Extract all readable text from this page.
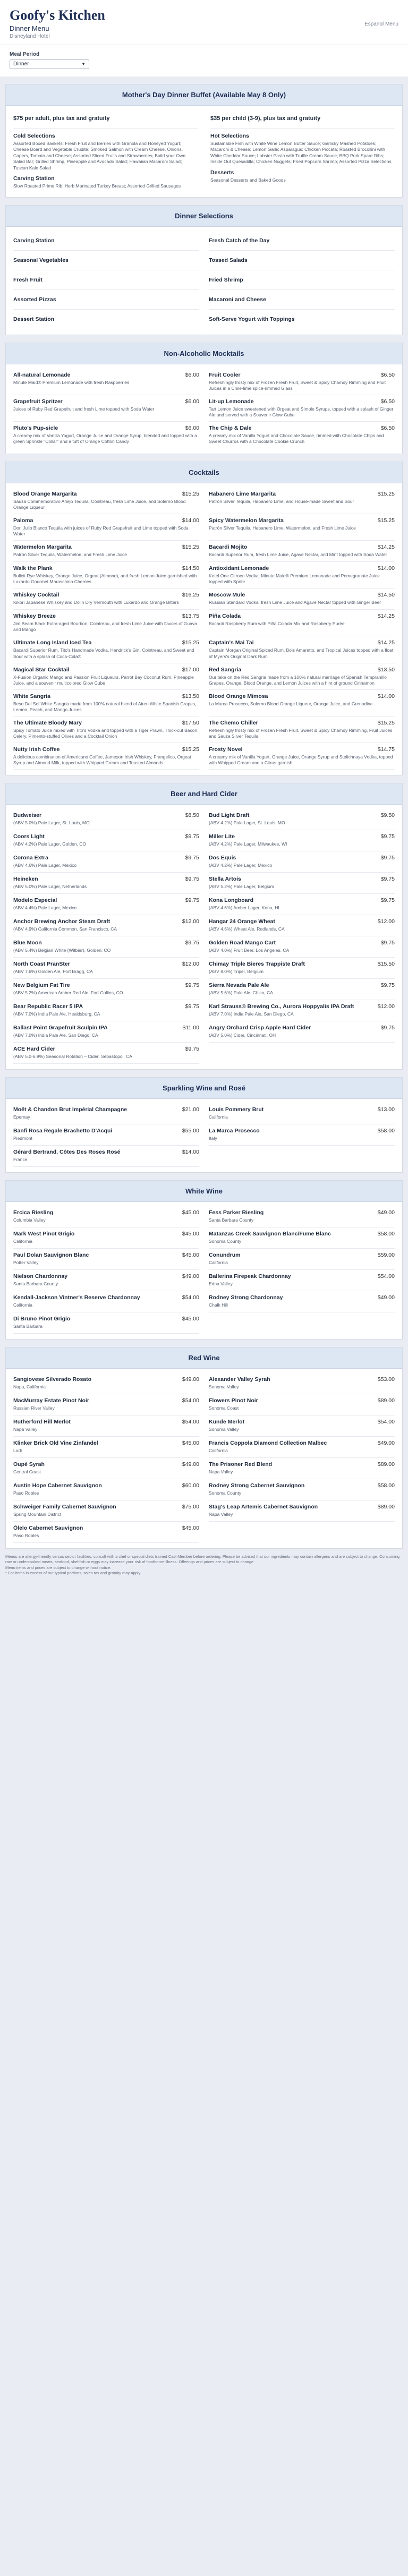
Goofy's Kitchen
Dinner Menu
Disneyland Hotel
Espanol Menu
Meal Period
Dinner	▼
Mother's Day Dinner Buffet (Available May 8 Only)
$75 per adult, plus tax and gratuity
Cold Selections
Assorted Boxed Baskets: Fresh Fruit and Berries with Granola and Honeyed Yogurt; Cheese Board and Vegetable Crudité; Smoked Salmon with Cream Cheese, Onions, Capers, Tomato and Cheese; Assorted Sliced Fruits and Strawberries; Build your Own Salad Bar; Grilled Shrimp, Pineapple and Avocado Salad; Hawaiian Macaroni Salad; Tuscan Kale Salad
Carving Station
Slow Roasted Prime Rib; Herb Marinated Turkey Breast; Assorted Grilled Sausages
$35 per child (3-9), plus tax and gratuity
Hot Selections
Sustainable Fish with White Wine Lemon Butter Sauce; Garlicky Mashed Potatoes; Macaroni & Cheese; Lemon Garlic Asparagus; Chicken Piccata; Roasted Brocollini with White Cheddar Sauce; Lobster Pasta with Truffle Cream Sauce; BBQ Pork Spare Ribs; Inside Out Quesadilla; Chicken Nuggets; Fried Popcorn Shrimp; Assorted Pizza Selections
Desserts
Seasonal Desserts and Baked Goods
Dinner Selections
Carving Station	Fresh Catch of the Day
Seasonal Vegetables	Tossed Salads
Fresh Fruit	Fried Shrimp
Assorted Pizzas	Macaroni and Cheese
Dessert Station	Soft-Serve Yogurt with Toppings
Non-Alcoholic Mocktails
All-natural Lemonade	$6.00
Minute Maid® Premium Lemonade with fresh Raspberries
Fruit Cooler	$6.50
Refreshingly frosty mix of Frozen Fresh Fruit, Sweet & Spicy Chamoy Rimming and Fruit Juices in a Chile-lime spice-rimmed Glass
Grapefruit Spritzer	$6.00
Juices of Ruby Red Grapefruit and fresh Lime topped with Soda Water
Lit-up Lemonade	$6.50
Tart Lemon Juice sweetened with Orgeat and Simple Syrups, topped with a splash of Ginger Ale and served with a Souvenir Glow Cube
Pluto's Pup-sicle	$6.00
A creamy mix of Vanilla Yogurt, Orange Juice and Orange Syrup, blended and topped with a green Sprinkle "Collar" and a tuft of Orange Cotton Candy
The Chip & Dale	$6.50
A creamy mix of Vanilla Yogurt and Chocolate Sauce, rimmed with Chocolate Chips and Sweet Churros with a Chocolate Cookie Crunch
Cocktails
Blood Orange Margarita	$15.25
Sauza Commemorativo Añejo Tequila, Cointreau, fresh Lime Juice, and Solerno Blood Orange Liqueur
Habanero Lime Margarita	$15.25
Patrón Silver Tequila, Habanero Lime, and House-made Sweet and Sour
Paloma	$14.00
Don Julio Blanco Tequila with juices of Ruby Red Grapefruit and Lime topped with Soda Water
Spicy Watermelon Margarita	$15.25
Patrón Silver Tequila, Habanero Lime, Watermelon, and Fresh Lime Juice
Watermelon Margarita	$15.25
Patrón Silver Tequila, Watermelon, and Fresh Lime Juice
Bacardi Mojito	$14.25
Bacardi Superior Rum, fresh Lime Juice, Agave Nectar, and Mint topped with Soda Water
Walk the Plank	$14.50
Bulleit Rye Whiskey, Orange Juice, Orgeat (Almond), and fresh Lemon Juice garnished with Luxardo Gourmet Maraschino Cherries
Antioxidant Lemonade	$14.00
Ketel One Citroen Vodka, Minute Maid® Premium Lemonade and Pomegranate Juice topped with Sprite
Whiskey Cocktail	$16.25
Kikori Japanese Whiskey and Dolin Dry Vermouth with Luxardo and Orange Bitters
Moscow Mule	$14.50
Russian Standard Vodka, fresh Lime Juice and Agave Nectar topped with Ginger Beer
Whiskey Breeze	$13.75
Jim Beam Black Extra-aged Bourbon, Cointreau, and fresh Lime Juice with flavors of Guava and Mango
Piña Colada	$14.25
Bacardi Raspberry Rum with Piña Colada Mix and Raspberry Purée
Ultimate Long Island Iced Tea	$15.25
Bacardi Superior Rum, Tito's Handmade Vodka, Hendrick's Gin, Cointreau, and Sweet and Sour with a splash of Coca-Cola®
Captain's Mai Tai	$14.25
Captain Morgan Original Spiced Rum, Bols Amaretto, and Tropical Juices topped with a float of Myers's Original Dark Rum
Magical Star Cocktail	$17.00
X-Fusion Organic Mango and Passion Fruit Liqueurs, Parrot Bay Coconut Rum, Pineapple Juice, and a souvenir multicolored Glow Cube
Red Sangria	$13.50
Our take on the Red Sangria made from a 100% natural marriage of Spanish Tempranillo Grapes, Orange, Blood Orange, and Lemon Juices with a hint of ground Cinnamon
White Sangria	$13.50
Beso Del Sol White Sangria made from 100% natural blend of Airen White Spanish Grapes, Lemon, Peach, and Mango Juices
Blood Orange Mimosa	$14.00
La Marca Prosecco, Solerno Blood Orange Liqueur, Orange Juice, and Grenadine
The Ultimate Bloody Mary	$17.50
Spicy Tomato Juice mixed with Tito's Vodka and topped with a Tiger Prawn, Thick-cut Bacon, Celery, Pimento-stuffed Olives and a Cocktail Onion
The Chemo Chiller	$15.25
Refreshingly frosty mix of Frozen Fresh Fruit, Sweet & Spicy Chamoy Rimming, Fruit Juices and Sauza Silver Tequila
Nutty Irish Coffee	$15.25
A delicious combination of Americano Coffee, Jameson Irish Whiskey, Frangelico, Orgeat Syrup and Almond Milk, topped with Whipped Cream and Toasted Almonds
Frosty Novel	$14.75
A creamy mix of Vanilla Yogurt, Orange Juice, Orange Syrup and Stolichnaya Vodka, topped with Whipped Cream and a Citrus garnish
Beer and Hard Cider
Budweiser	$8.50
(ABV 5.0%) Pale Lager, St. Louis, MO
Bud Light Draft	$9.50
(ABV 4.2%) Pale Lager, St. Louis, MO
Coors Light	$9.75
(ABV 4.2%) Pale Lager, Golden, CO
Miller Lite	$9.75
(ABV 4.2%) Pale Lager, Milwaukee, WI
Corona Extra	$9.75
(ABV 4.6%) Pale Lager, Mexico
Dos Equis	$9.75
(ABV 4.2%) Pale Lager, Mexico
Heineken	$9.75
(ABV 5.0%) Pale Lager, Netherlands
Stella Artois	$9.75
(ABV 5.2%) Pale Lager, Belgium
Modelo Especial	$9.75
(ABV 4.4%) Pale Lager, Mexico
Kona Longboard	$9.75
(ABV 4.6%) Amber Lager, Kona, HI
Anchor Brewing Anchor Steam Draft	$12.00
(ABV 4.9%) California Common, San Francisco, CA
Hangar 24 Orange Wheat	$12.00
(ABV 4.6%) Wheat Ale, Redlands, CA
Blue Moon	$9.75
(ABV 5.4%) Belgian White (Witbier), Golden, CO
Golden Road Mango Cart	$9.75
(ABV 4.0%) Fruit Beer, Los Angeles, CA
North Coast PranSter	$12.00
(ABV 7.6%) Golden Ale, Fort Bragg, CA
Chimay Triple Bieres Trappiste Draft	$15.50
(ABV 8.0%) Tripel, Belgium
New Belgium Fat Tire	$9.75
(ABV 5.2%) American Amber Red Ale, Fort Collins, CO
Sierra Nevada Pale Ale	$9.75
(ABV 5.6%) Pale Ale, Chico, CA
Bear Republic Racer 5 IPA	$9.75
(ABV 7.0%) India Pale Ale, Healdsburg, CA
Karl Strauss® Brewing Co., Aurora Hoppyalis IPA Draft	$12.00
(ABV 7.0%) India Pale Ale, San Diego, CA
Ballast Point Grapefruit Sculpin IPA	$11.00
(ABV 7.0%) India Pale Ale, San Diego, CA
Angry Orchard Crisp Apple Hard Cider	$9.75
(ABV 5.0%) Cider, Cincinnati, OH
ACE Hard Cider	$9.75
(ABV 5.0-6.9%) Seasonal Rotation – Cider, Sebastopol, CA
Sparkling Wine and Rosé
Moët & Chandon Brut Impérial Champagne	$21.00
Epernay
Louis Pommery Brut	$13.00
California
Banfi Rosa Regale Brachetto D'Acqui	$55.00
Piedmont
La Marca Prosecco	$58.00
Italy
Gérard Bertrand, Côtes Des Roses Rosé	$14.00
France
White Wine
Ercica Riesling	$45.00
Columbia Valley
Fess Parker Riesling	$49.00
Santa Barbara County
Mark West Pinot Grigio	$45.00
California
Matanzas Creek Sauvignon Blanc/Fume Blanc	$58.00
Sonoma County
Paul Dolan Sauvignon Blanc	$45.00
Potter Valley
Conundrum	$59.00
California
Nielson Chardonnay	$49.00
Santa Barbara County
Ballerina Firepeak Chardonnay	$54.00
Edna Valley
Kendall-Jackson Vintner's Reserve Chardonnay	$54.00
California
Rodney Strong Chardonnay	$49.00
Chalk Hill
Di Bruno Pinot Grigio	$45.00
Santa Barbara
Red Wine
Sangiovese Silverado Rosato	$49.00
Napa, California
Alexander Valley Syrah	$53.00
Sonoma Valley
MacMurray Estate Pinot Noir	$54.00
Russian River Valley
Flowers Pinot Noir	$89.00
Sonoma Coast
Rutherford Hill Merlot	$54.00
Napa Valley
Kunde Merlot	$54.00
Sonoma Valley
Klinker Brick Old Vine Zinfandel	$45.00
Lodi
Francis Coppola Diamond Collection Malbec	$49.00
California
Oupé Syrah	$49.00
Central Coast
The Prisoner Red Blend	$89.00
Napa Valley
Austin Hope Cabernet Sauvignon	$60.00
Paso Robles
Rodney Strong Cabernet Sauvignon	$58.00
Sonoma County
Schweiger Family Cabernet Sauvignon	$75.00
Spring Mountain District
Stag's Leap Artemis Cabernet Sauvignon	$89.00
Napa Valley
Ōlelo Cabernet Sauvignon	$45.00
Paso Robles

Menus are allergy-friendly versus sector facilities, consult with a chef or special diets trained Cast Member before ordering. Please be advised that our ingredients may contain allergens and are subject to change. Consuming raw or undercooked meats, seafood, shellfish or eggs may increase your risk of foodborne illness. Offerings and prices are subject to change.

Menu items and prices are subject to change without notice.

* For items in excess of our typical portions, sales tax and gratuity may apply.
